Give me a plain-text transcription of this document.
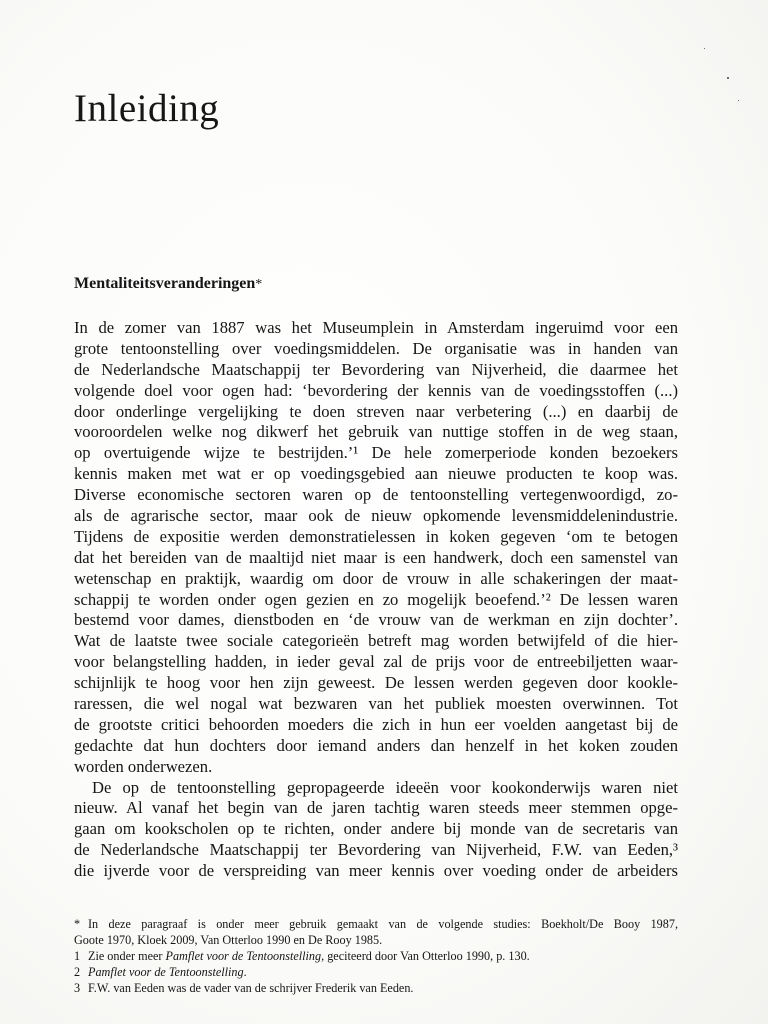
Inleiding
Mentaliteitsveranderingen*
In de zomer van 1887 was het Museumplein in Amsterdam ingeruimd voor een
grote tentoonstelling over voedingsmiddelen. De organisatie was in handen van
de Nederlandsche Maatschappij ter Bevordering van Nijverheid, die daarmee het
volgende doel voor ogen had: ‘bevordering der kennis van de voedingsstoffen (...)
door onderlinge vergelijking te doen streven naar verbetering (...) en daarbij de
vooroordelen welke nog dikwerf het gebruik van nuttige stoffen in de weg staan,
op overtuigende wijze te bestrijden.’¹ De hele zomerperiode konden bezoekers
kennis maken met wat er op voedingsgebied aan nieuwe producten te koop was.
Diverse economische sectoren waren op de tentoonstelling vertegenwoordigd, zo-
als de agrarische sector, maar ook de nieuw opkomende levensmiddelenindustrie.
Tijdens de expositie werden demonstratielessen in koken gegeven ‘om te betogen
dat het bereiden van de maaltijd niet maar is een handwerk, doch een samenstel van
wetenschap en praktijk, waardig om door de vrouw in alle schakeringen der maat-
schappij te worden onder ogen gezien en zo mogelijk beoefend.’² De lessen waren
bestemd voor dames, dienstboden en ‘de vrouw van de werkman en zijn dochter’.
Wat de laatste twee sociale categorieën betreft mag worden betwijfeld of die hier-
voor belangstelling hadden, in ieder geval zal de prijs voor de entreebiljetten waar-
schijnlijk te hoog voor hen zijn geweest. De lessen werden gegeven door kookle-
raressen, die wel nogal wat bezwaren van het publiek moesten overwinnen. Tot
de grootste critici behoorden moeders die zich in hun eer voelden aangetast bij de
gedachte dat hun dochters door iemand anders dan henzelf in het koken zouden
worden onderwezen.
De op de tentoonstelling gepropageerde ideeën voor kookonderwijs waren niet
nieuw. Al vanaf het begin van de jaren tachtig waren steeds meer stemmen opge-
gaan om kookscholen op te richten, onder andere bij monde van de secretaris van
de Nederlandsche Maatschappij ter Bevordering van Nijverheid, F.W. van Eeden,³
die ijverde voor de verspreiding van meer kennis over voeding onder de arbeiders
* In deze paragraaf is onder meer gebruik gemaakt van de volgende studies: Boekholt/De Booy 1987,
Goote 1970, Kloek 2009, Van Otterloo 1990 en De Rooy 1985.
1 Zie onder meer Pamflet voor de Tentoonstelling, geciteerd door Van Otterloo 1990, p. 130.
2 Pamflet voor de Tentoonstelling.
3 F.W. van Eeden was de vader van de schrijver Frederik van Eeden.
